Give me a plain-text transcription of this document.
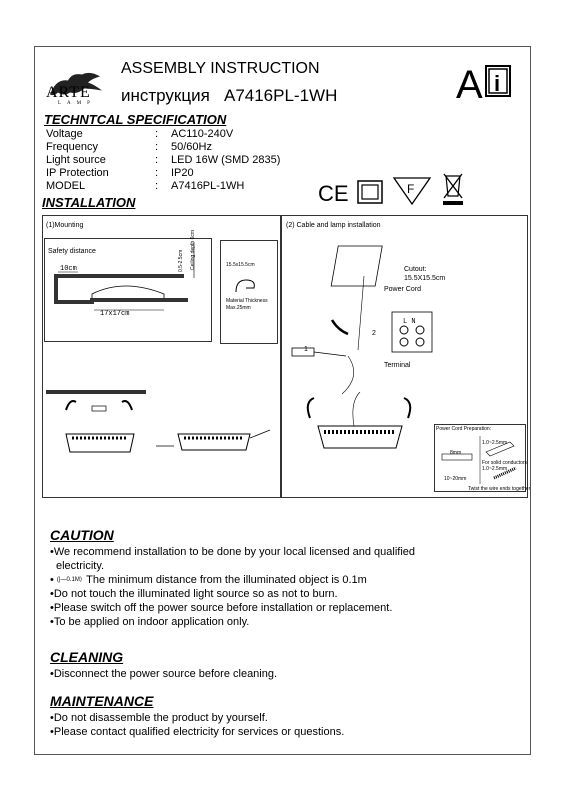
ARTE
LAMP
ASSEMBLY INSTRUCTION
инструкция A7416PL-1WH	A i
TECHNTCAL SPECIFICATION
Voltage	:	AC110-240V
Frequency	:	50/60Hz
Light source	:	LED 16W (SMD 2835)
IP Protection	:	IP20
MODEL	:	A7416PL-1WH	CE	F
INSTALLATION
(1)Mounting	(2) Cable and lamp installation
Safety distance
10cm
17x17cm
0.5-2.5cm Ceiling depth 6cm	15.5x15.5cm
Material Thickness
Max.25mm
Cutout:
15.5X15.5cm
Power Cord
Terminal
L N
1
2
Power Cord Preparation:
1.0~2.5mm
1.0~2.5mm
8mm
10~20mm
For solid conductors
Twist the wire ends together
CAUTION
•We recommend installation to be done by your local licensed and qualified
electricity.
• (|— 0.1M ⟩ The minimum distance from the illuminated object is 0.1m
•Do not touch the illuminated light source so as not to burn.
•Please switch off the power source before installation or replacement.
•To be applied on indoor application only.
CLEANING
•Disconnect the power source before cleaning.
MAINTENANCE
•Do not disassemble the product by yourself.
•Please contact qualified electricity for services or questions.
